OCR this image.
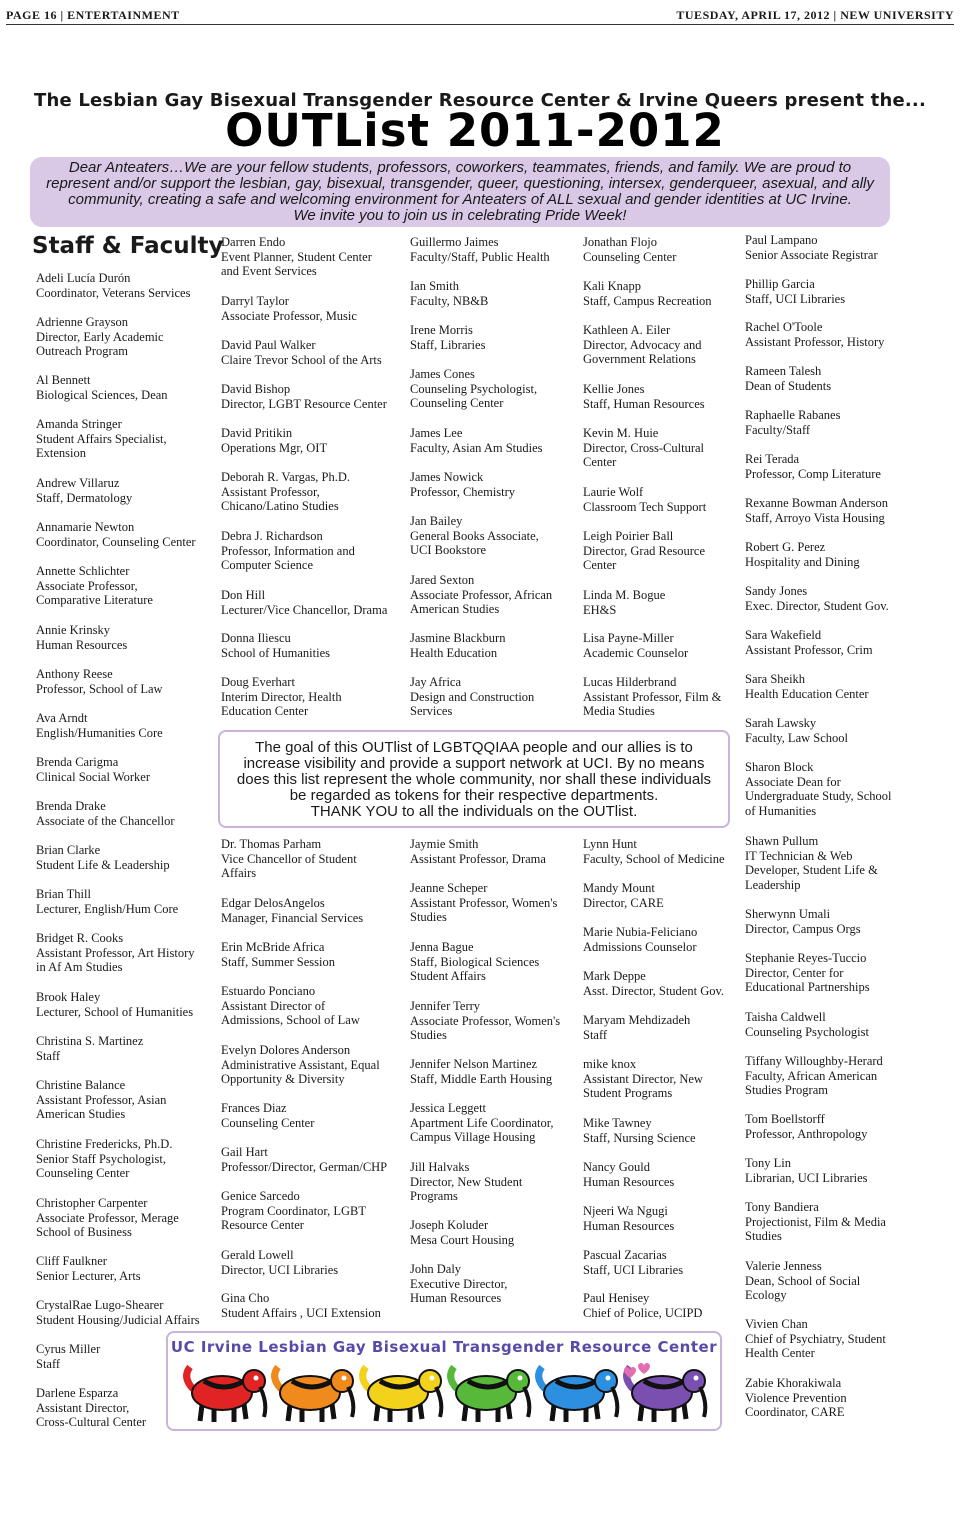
PAGE 16 | ENTERTAINMENT	TUESDAY, APRIL 17, 2012 | NEW UNIVERSITY
The Lesbian Gay Bisexual Transgender Resource Center & Irvine Queers present the...
OUTList 2011-2012

Dear Anteaters…We are your fellow students, professors, coworkers, teammates, friends, and family. We are proud to

represent and/or support the lesbian, gay, bisexual, transgender, queer, questioning, intersex, genderqueer, asexual, and ally

community, creating a safe and welcoming environment for Anteaters of ALL sexual and gender identities at UC Irvine.

We invite you to join us in celebrating Pride Week!

Staff & Faculty
Adeli Lucía Durón
Coordinator, Veterans Services
Adrienne Grayson
Director, Early Academic
Outreach Program
Al Bennett
Biological Sciences, Dean
Amanda Stringer
Student Affairs Specialist,
Extension
Andrew Villaruz
Staff, Dermatology
Annamarie Newton
Coordinator, Counseling Center
Annette Schlichter
Associate Professor,
Comparative Literature
Annie Krinsky
Human Resources
Anthony Reese
Professor, School of Law
Ava Arndt
English/Humanities Core
Brenda Carigma
Clinical Social Worker
Brenda Drake
Associate of the Chancellor
Brian Clarke
Student Life & Leadership
Brian Thill
Lecturer, English/Hum Core
Bridget R. Cooks
Assistant Professor, Art History
in Af Am Studies
Brook Haley
Lecturer, School of Humanities
Christina S. Martinez
Staff
Christine Balance
Assistant Professor, Asian
American Studies
Christine Fredericks, Ph.D.
Senior Staff Psychologist,
Counseling Center
Christopher Carpenter
Associate Professor, Merage
School of Business
Cliff Faulkner
Senior Lecturer, Arts
CrystalRae Lugo-Shearer
Student Housing/Judicial Affairs
Cyrus Miller
Staff
Darlene Esparza
Assistant Director,
Cross-Cultural Center
Darren Endo
Event Planner, Student Center
and Event Services
Darryl Taylor
Associate Professor, Music
David Paul Walker
Claire Trevor School of the Arts
David Bishop
Director, LGBT Resource Center
David Pritikin
Operations Mgr, OIT
Deborah R. Vargas, Ph.D.
Assistant Professor,
Chicano/Latino Studies
Debra J. Richardson
Professor, Information and
Computer Science
Don Hill
Lecturer/Vice Chancellor, Drama
Donna Iliescu
School of Humanities
Doug Everhart
Interim Director, Health
Education Center
Dr. Thomas Parham
Vice Chancellor of Student
Affairs
Edgar DelosAngelos
Manager, Financial Services
Erin McBride Africa
Staff, Summer Session
Estuardo Ponciano
Assistant Director of
Admissions, School of Law
Evelyn Dolores Anderson
Administrative Assistant, Equal
Opportunity & Diversity
Frances Diaz
Counseling Center
Gail Hart
Professor/Director, German/CHP
Genice Sarcedo
Program Coordinator, LGBT
Resource Center
Gerald Lowell
Director, UCI Libraries
Gina Cho
Student Affairs , UCI Extension
Guillermo Jaimes
Faculty/Staff, Public Health
Ian Smith
Faculty, NB&B
Irene Morris
Staff, Libraries
James Cones
Counseling Psychologist,
Counseling Center
James Lee
Faculty, Asian Am Studies
James Nowick
Professor, Chemistry
Jan Bailey
General Books Associate,
UCI Bookstore
Jared Sexton
Associate Professor, African
American Studies
Jasmine Blackburn
Health Education
Jay Africa
Design and Construction
Services
Jaymie Smith
Assistant Professor, Drama
Jeanne Scheper
Assistant Professor, Women's
Studies
Jenna Bague
Staff, Biological Sciences
Student Affairs
Jennifer Terry
Associate Professor, Women's
Studies
Jennifer Nelson Martinez
Staff, Middle Earth Housing
Jessica Leggett
Apartment Life Coordinator,
Campus Village Housing
Jill Halvaks
Director, New Student
Programs
Joseph Koluder
Mesa Court Housing
John Daly
Executive Director,
Human Resources
Jonathan Flojo
Counseling Center
Kali Knapp
Staff, Campus Recreation
Kathleen A. Eiler
Director, Advocacy and
Government Relations
Kellie Jones
Staff, Human Resources
Kevin M. Huie
Director, Cross-Cultural
Center
Laurie Wolf
Classroom Tech Support
Leigh Poirier Ball
Director, Grad Resource
Center
Linda M. Bogue
EH&S
Lisa Payne-Miller
Academic Counselor
Lucas Hilderbrand
Assistant Professor, Film &
Media Studies
Lynn Hunt
Faculty, School of Medicine
Mandy Mount
Director, CARE
Marie Nubia-Feliciano
Admissions Counselor
Mark Deppe
Asst. Director, Student Gov.
Maryam Mehdizadeh
Staff
mike knox
Assistant Director, New
Student Programs
Mike Tawney
Staff, Nursing Science
Nancy Gould
Human Resources
Njeeri Wa Ngugi
Human Resources
Pascual Zacarias
Staff, UCI Libraries
Paul Henisey
Chief of Police, UCIPD
Paul Lampano
Senior Associate Registrar
Phillip Garcia
Staff, UCI Libraries
Rachel O'Toole
Assistant Professor, History
Rameen Talesh
Dean of Students
Raphaelle Rabanes
Faculty/Staff
Rei Terada
Professor, Comp Literature
Rexanne Bowman Anderson
Staff, Arroyo Vista Housing
Robert G. Perez
Hospitality and Dining
Sandy Jones
Exec. Director, Student Gov.
Sara Wakefield
Assistant Professor, Crim
Sara Sheikh
Health Education Center
Sarah Lawsky
Faculty, Law School
Sharon Block
Associate Dean for
Undergraduate Study, School
of Humanities
Shawn Pullum
IT Technician & Web
Developer, Student Life &
Leadership
Sherwynn Umali
Director, Campus Orgs
Stephanie Reyes-Tuccio
Director, Center for
Educational Partnerships
Taisha Caldwell
Counseling Psychologist
Tiffany Willoughby-Herard
Faculty, African American
Studies Program
Tom Boellstorff
Professor, Anthropology
Tony Lin
Librarian, UCI Libraries
Tony Bandiera
Projectionist, Film & Media
Studies
Valerie Jenness
Dean, School of Social
Ecology
Vivien Chan
Chief of Psychiatry, Student
Health Center
Zabie Khorakiwala
Violence Prevention
Coordinator, CARE

The goal of this OUTlist of LGBTQQIAA people and our allies is to

increase visibility and provide a support network at UCI. By no means

does this list represent the whole community, nor shall these individuals

be regarded as tokens for their respective departments.

THANK YOU to all the individuals on the OUTlist.

UC Irvine Lesbian Gay Bisexual Transgender Resource Center
